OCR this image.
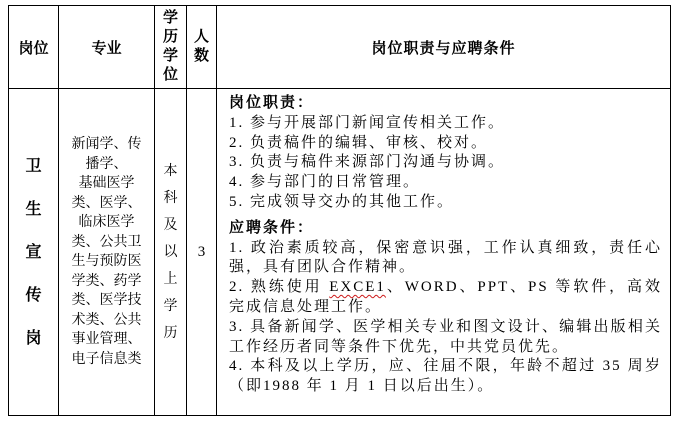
岗位	专业
学历学位
人数	岗位职责与应聘条件
卫生宣传岗
新闻学、传
播学、
基础医学
类、医学、
临床医学
类、公共卫
生与预防医
学类、药学
类、医学技
术类、公共
事业管理、
电子信息类
本科及以上学历
3

岗位职责：

1. 参与开展部门新闻宣传相关工作。

2. 负责稿件的编辑、审核、校对。

3. 负责与稿件来源部门沟通与协调。

4. 参与部门的日常管理。

5. 完成领导交办的其他工作。

应聘条件：

1. 政治素质较高，保密意识强，工作认真细致，责任心强，具有团队合作精神。

2. 熟练使用 EXCE1、WORD、PPT、PS 等软件，高效完成信息处理工作。

3. 具备新闻学、医学相关专业和图文设计、编辑出版相关工作经历者同等条件下优先，中共党员优先。

4. 本科及以上学历，应、往届不限，年龄不超过 35 周岁（即1988 年 1 月 1 日以后出生）。
